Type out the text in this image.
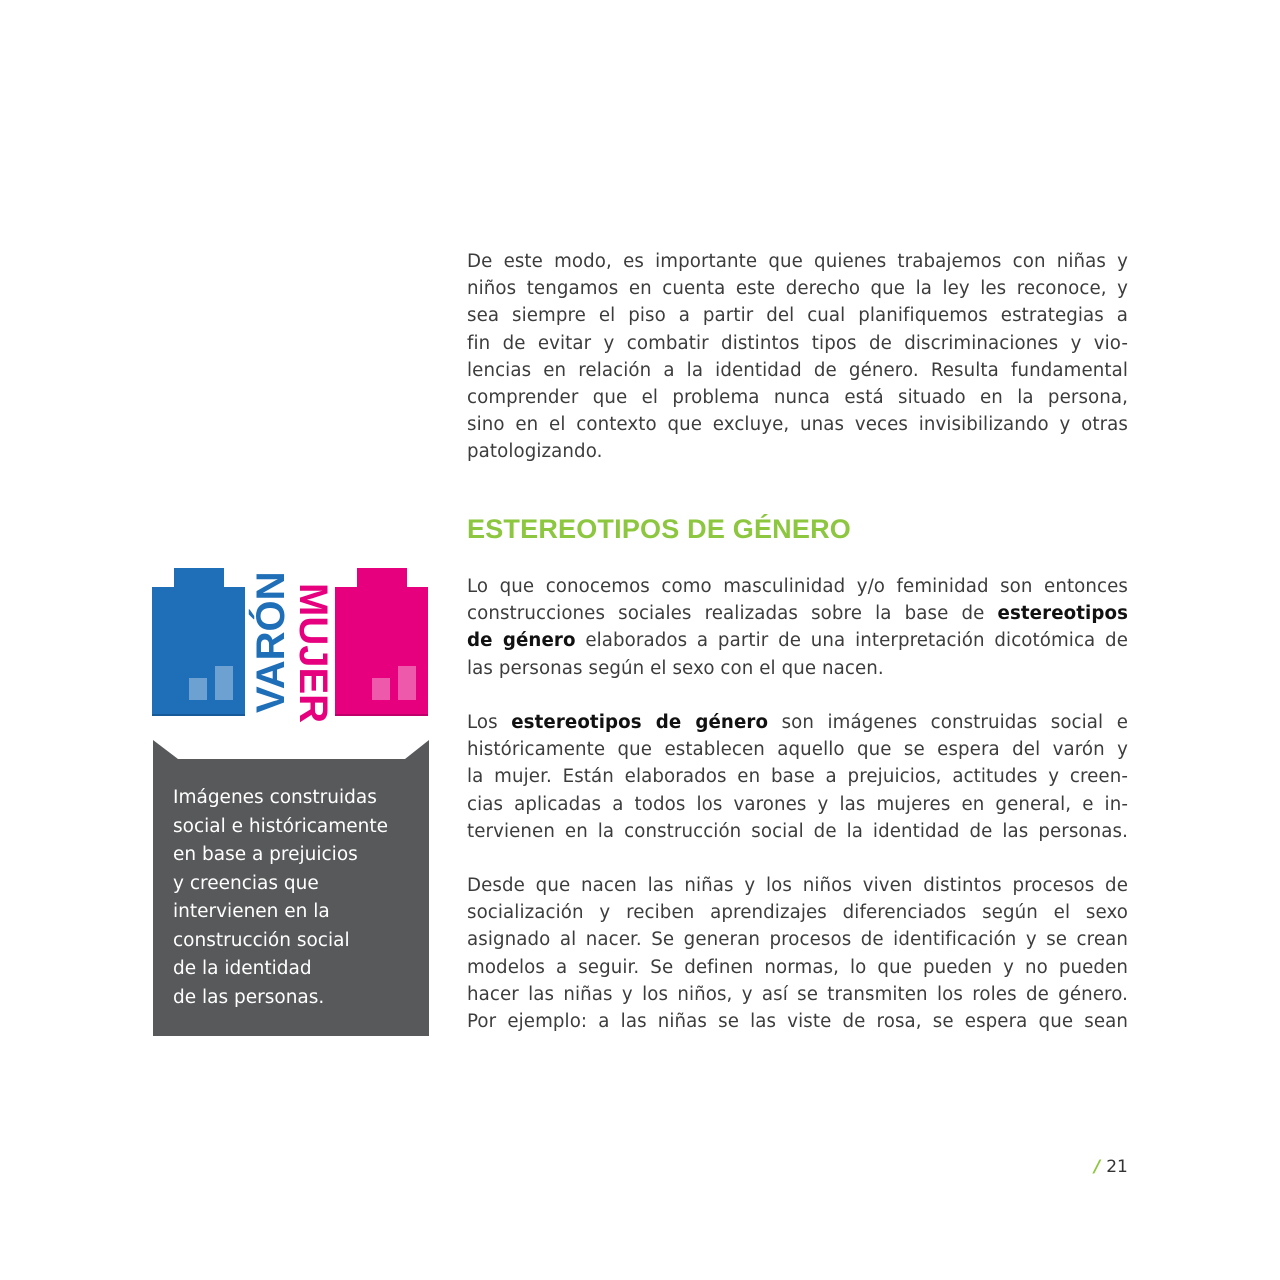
De este modo, es importante que quienes trabajemos con niñas y
niños tengamos en cuenta este derecho que la ley les reconoce, y
sea siempre el piso a partir del cual planifiquemos estrategias a
fin de evitar y combatir distintos tipos de discriminaciones y vio-
lencias en relación a la identidad de género. Resulta fundamental
comprender que el problema nunca está situado en la persona,
sino en el contexto que excluye, unas veces invisibilizando y otras
patologizando.
ESTEREOTIPOS DE GÉNERO
Lo que conocemos como masculinidad y/o feminidad son entonces
construcciones sociales realizadas sobre la base de estereotipos
de género elaborados a partir de una interpretación dicotómica de
las personas según el sexo con el que nacen.
Los estereotipos de género son imágenes construidas social e
históricamente que establecen aquello que se espera del varón y
la mujer. Están elaborados en base a prejuicios, actitudes y creen-
cias aplicadas a todos los varones y las mujeres en general, e in-
tervienen en la construcción social de la identidad de las personas.
Desde que nacen las niñas y los niños viven distintos procesos de
socialización y reciben aprendizajes diferenciados según el sexo
asignado al nacer. Se generan procesos de identificación y se crean
modelos a seguir. Se definen normas, lo que pueden y no pueden
hacer las niñas y los niños, y así se transmiten los roles de género.
Por ejemplo: a las niñas se las viste de rosa, se espera que sean
VARÓN
MUJER
Imágenes construidas
social e históricamente
en base a prejuicios
y creencias que
intervienen en la
construcción social
de la identidad
de las personas.
/ 21
